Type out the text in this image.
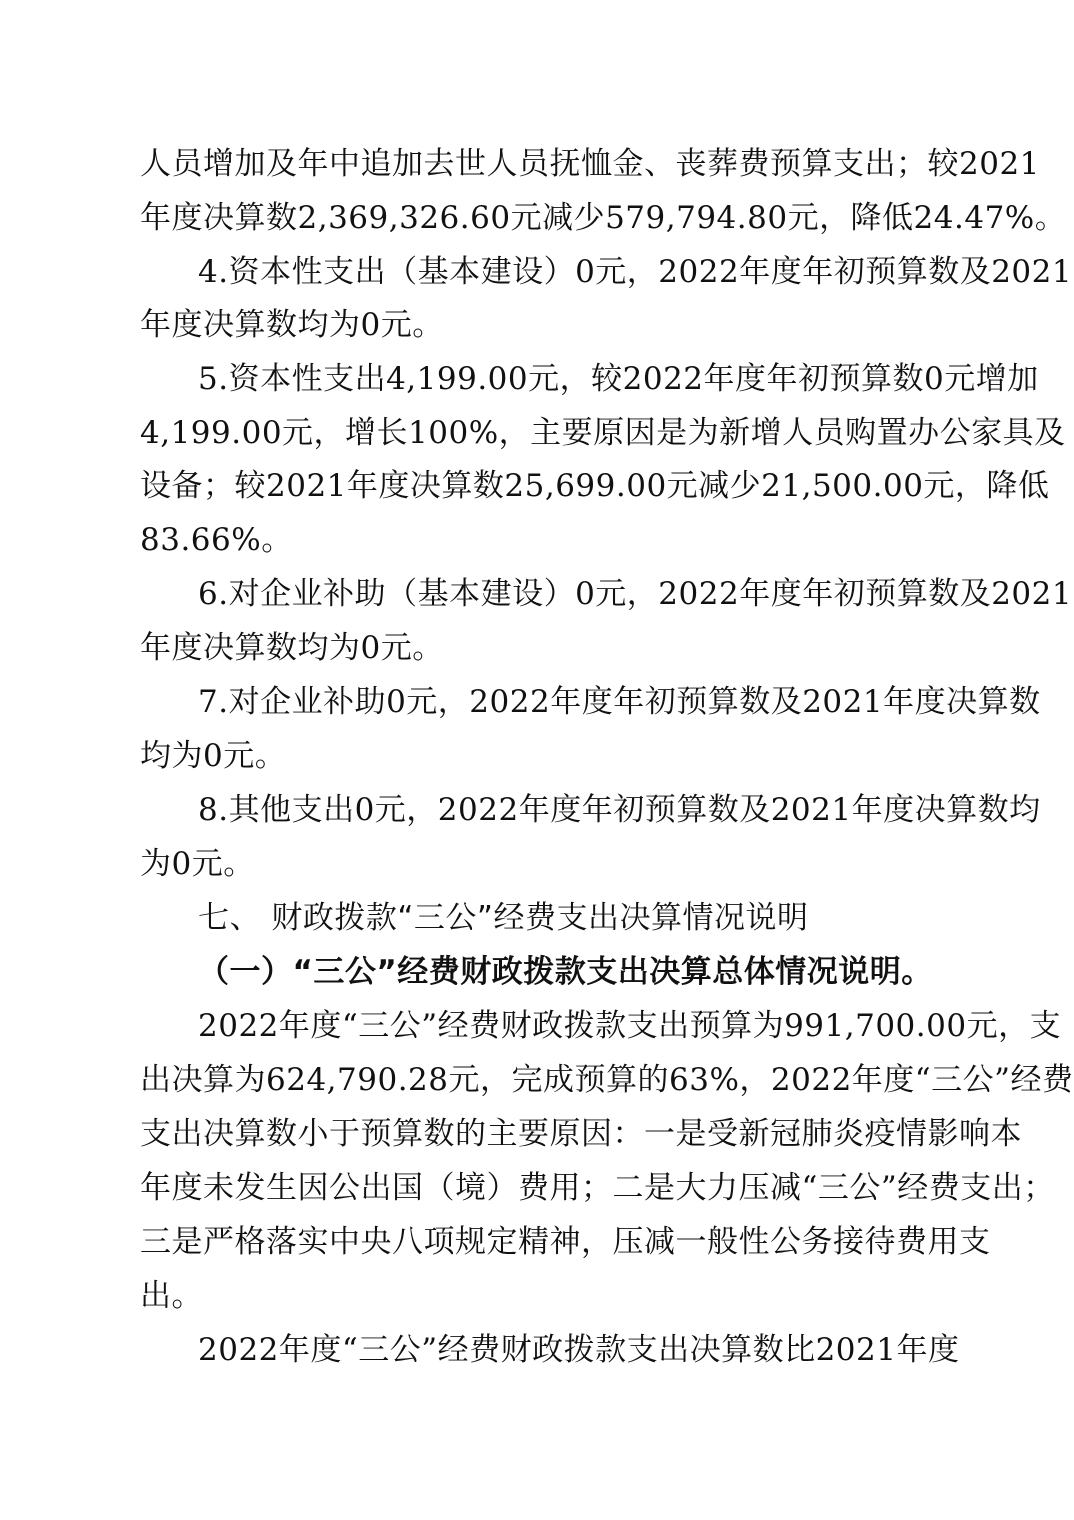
人员增加及年中追加去世人员抚恤金、丧葬费预算支出；较2021
年度决算数2,369,326.60元减少579,794.80元，降低24.47%。
4.资本性支出（基本建设）0元，2022年度年初预算数及2021
年度决算数均为0元。
5.资本性支出4,199.00元，较2022年度年初预算数0元增加
4,199.00元，增长100%，主要原因是为新增人员购置办公家具及
设备；较2021年度决算数25,699.00元减少21,500.00元，降低
83.66%。
6.对企业补助（基本建设）0元，2022年度年初预算数及2021
年度决算数均为0元。
7.对企业补助0元，2022年度年初预算数及2021年度决算数
均为0元。
8.其他支出0元，2022年度年初预算数及2021年度决算数均
为0元。
七、 财政拨款“三公”经费支出决算情况说明
（一）“三公”经费财政拨款支出决算总体情况说明。
2022年度“三公”经费财政拨款支出预算为991,700.00元，支
出决算为624,790.28元，完成预算的63%，2022年度“三公”经费
支出决算数小于预算数的主要原因：一是受新冠肺炎疫情影响本
年度未发生因公出国（境）费用；二是大力压减“三公”经费支出；
三是严格落实中央八项规定精神，压减一般性公务接待费用支
出。
2022年度“三公”经费财政拨款支出决算数比2021年度
